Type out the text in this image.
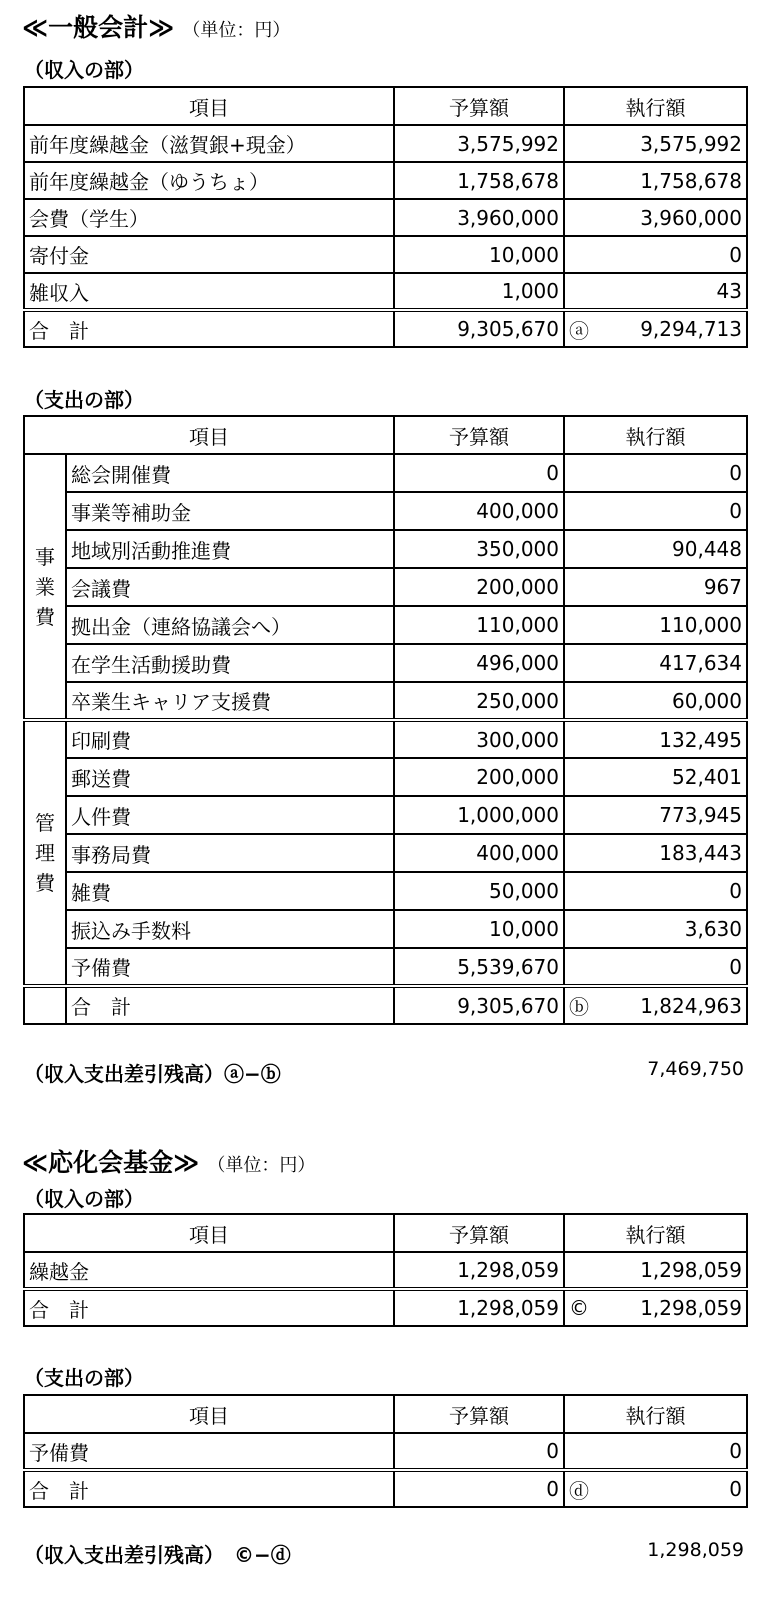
≪一般会計≫ （単位：円）
（収入の部）
項目	予算額	執行額	
前年度繰越金（滋賀銀+現金）	3,575,992	3,575,992	
前年度繰越金（ゆうちょ）	1,758,678	1,758,678	
会費（学生）	3,960,000	3,960,000	
寄付金	10,000	0	
雑収入	1,000	43	
合　計	9,305,670	ⓐ	9,294,713
（支出の部）
項目		予算額	執行額	
事業費	総会開催費	0	0	
	事業等補助金	400,000	0	
	地域別活動推進費	350,000	90,448	
	会議費	200,000	967	
	拠出金（連絡協議会へ）	110,000	110,000	
	在学生活動援助費	496,000	417,634	
	卒業生キャリア支援費	250,000	60,000	
管理費	印刷費	300,000	132,495	
	郵送費	200,000	52,401	
	人件費	1,000,000	773,945	
	事務局費	400,000	183,443	
	雑費	50,000	0	
	振込み手数料	10,000	3,630	
	予備費	5,539,670	0	
	合　計	9,305,670	ⓑ	1,824,963
（収入支出差引残高）ⓐ−ⓑ	7,469,750
≪応化会基金≫ （単位：円）
（収入の部）
項目	予算額	執行額	
繰越金	1,298,059	1,298,059	
合　計	1,298,059	©	1,298,059
（支出の部）
項目	予算額	執行額	
予備費	0	0	
合　計	0	ⓓ	0
（収入支出差引残高）　©−ⓓ	1,298,059
